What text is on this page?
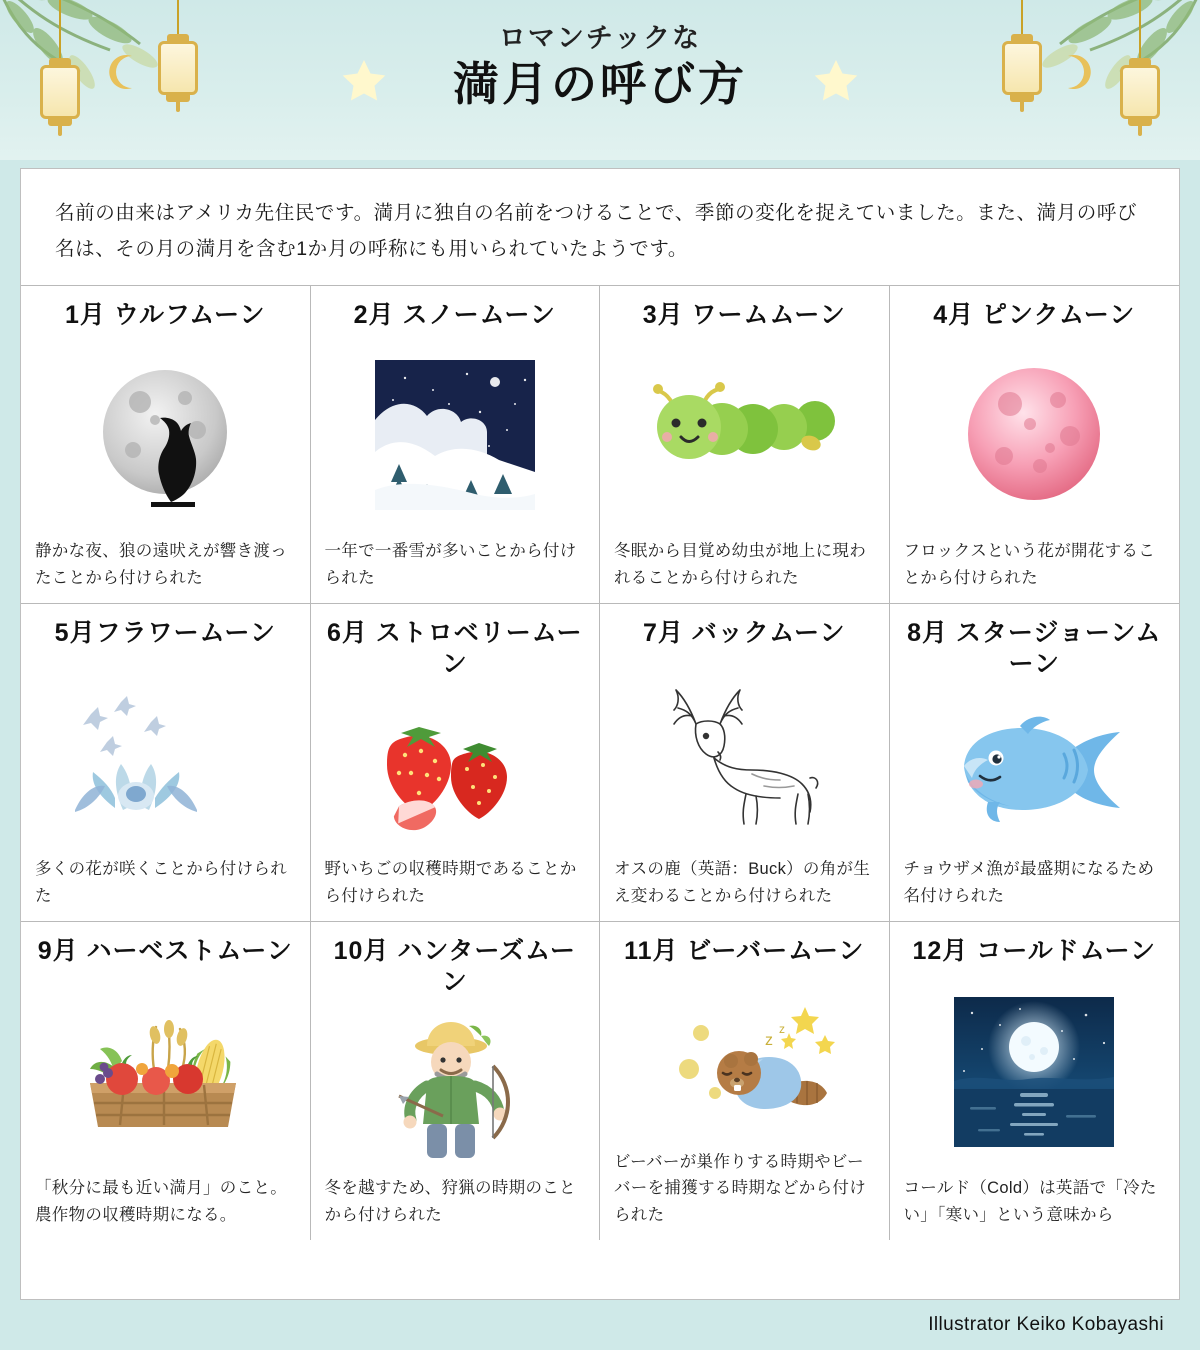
ロマンチックな
満月の呼び方
名前の由来はアメリカ先住民です。満月に独自の名前をつけることで、季節の変化を捉えていました。また、満月の呼び名は、その月の満月を含む1か月の呼称にも用いられていたようです。
1月 ウルフムーン
静かな夜、狼の遠吠えが響き渡ったことから付けられた
2月 スノームーン
一年で一番雪が多いことから付けられた
3月 ワームムーン
冬眠から目覚め幼虫が地上に現われることから付けられた
4月 ピンクムーン
フロックスという花が開花することから付けられた
5月フラワームーン
多くの花が咲くことから付けられた
6月 ストロベリームーン
野いちごの収穫時期であることから付けられた
7月 バックムーン
オスの鹿（英語：Buck）の角が生え変わることから付けられた
8月 スタージョーンムーン
チョウザメ漁が最盛期になるため名付けられた
9月 ハーベストムーン
「秋分に最も近い満月」のこと。農作物の収穫時期になる。
10月 ハンターズムーン
冬を越すため、狩猟の時期のことから付けられた
11月 ビーバームーン
z
z
ビーバーが巣作りする時期やビーバーを捕獲する時期などから付けられた
12月 コールドムーン
コールド（Cold）は英語で「冷たい」「寒い」という意味から
Illustrator Keiko Kobayashi
